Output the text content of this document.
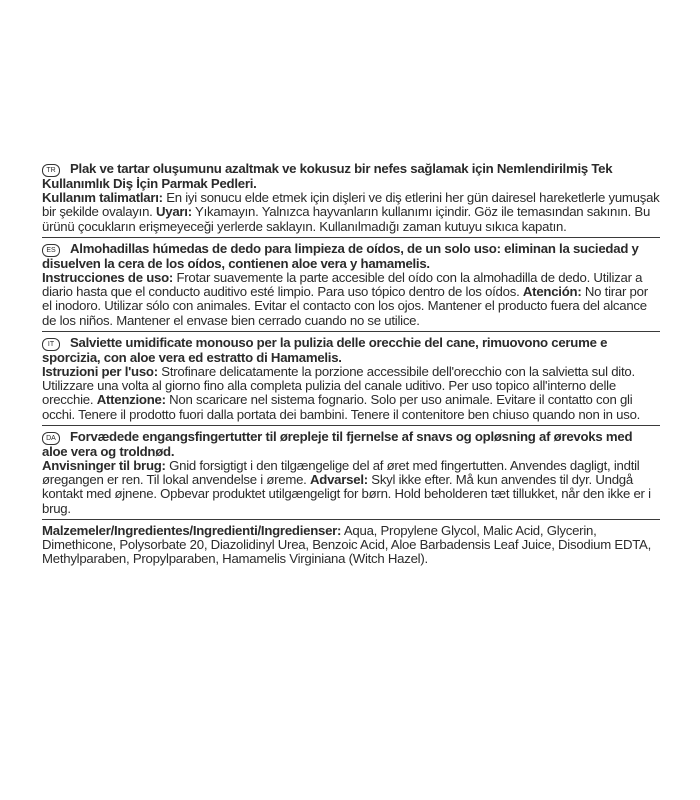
TR Plak ve tartar oluşumunu azaltmak ve kokusuz bir nefes sağlamak için Nemlendirilmiş Tek Kullanımlık Diş İçin Parmak Pedleri.
Kullanım talimatları: En iyi sonucu elde etmek için dişleri ve diş etlerini her gün dairesel hareketlerle yumuşak bir şekilde ovalayın. Uyarı: Yıkamayın. Yalnızca hayvanların kullanımı içindir. Göz ile temasından sakının. Bu ürünü çocukların erişmeyeceği yerlerde saklayın. Kullanılmadığı zaman kutuyu sıkıca kapatın.
ES Almohadillas húmedas de dedo para limpieza de oídos, de un solo uso: eliminan la suciedad y disuelven la cera de los oídos, contienen aloe vera y hamamelis.
Instrucciones de uso: Frotar suavemente la parte accesible del oído con la almohadilla de dedo. Utilizar a diario hasta que el conducto auditivo esté limpio. Para uso tópico dentro de los oídos. Atención: No tirar por el inodoro. Utilizar sólo con animales. Evitar el contacto con los ojos. Mantener el producto fuera del alcance de los niños. Mantener el envase bien cerrado cuando no se utilice.
IT Salviette umidificate monouso per la pulizia delle orecchie del cane, rimuovono cerume e sporcizia, con aloe vera ed estratto di Hamamelis.
Istruzioni per l'uso: Strofinare delicatamente la porzione accessibile dell'orecchio con la salvietta sul dito. Utilizzare una volta al giorno fino alla completa pulizia del canale uditivo. Per uso topico all'interno delle orecchie. Attenzione: Non scaricare nel sistema fognario. Solo per uso animale. Evitare il contatto con gli occhi. Tenere il prodotto fuori dalla portata dei bambini. Tenere il contenitore ben chiuso quando non in uso.
DA Forvædede engangsfingertutter til ørepleje til fjernelse af snavs og opløsning af ørevoks med aloe vera og troldnød.
Anvisninger til brug: Gnid forsigtigt i den tilgængelige del af øret med fingertutten. Anvendes dagligt, indtil øregangen er ren. Til lokal anvendelse i øreme. Advarsel: Skyl ikke efter. Må kun anvendes til dyr. Undgå kontakt med øjnene. Opbevar produktet utilgængeligt for børn. Hold beholderen tæt tillukket, når den ikke er i brug.
Malzemeler/Ingredientes/Ingredienti/Ingredienser: Aqua, Propylene Glycol, Malic Acid, Glycerin, Dimethicone, Polysorbate 20, Diazolidinyl Urea, Benzoic Acid, Aloe Barbadensis Leaf Juice, Disodium EDTA, Methylparaben, Propylparaben, Hamamelis Virginiana (Witch Hazel).
